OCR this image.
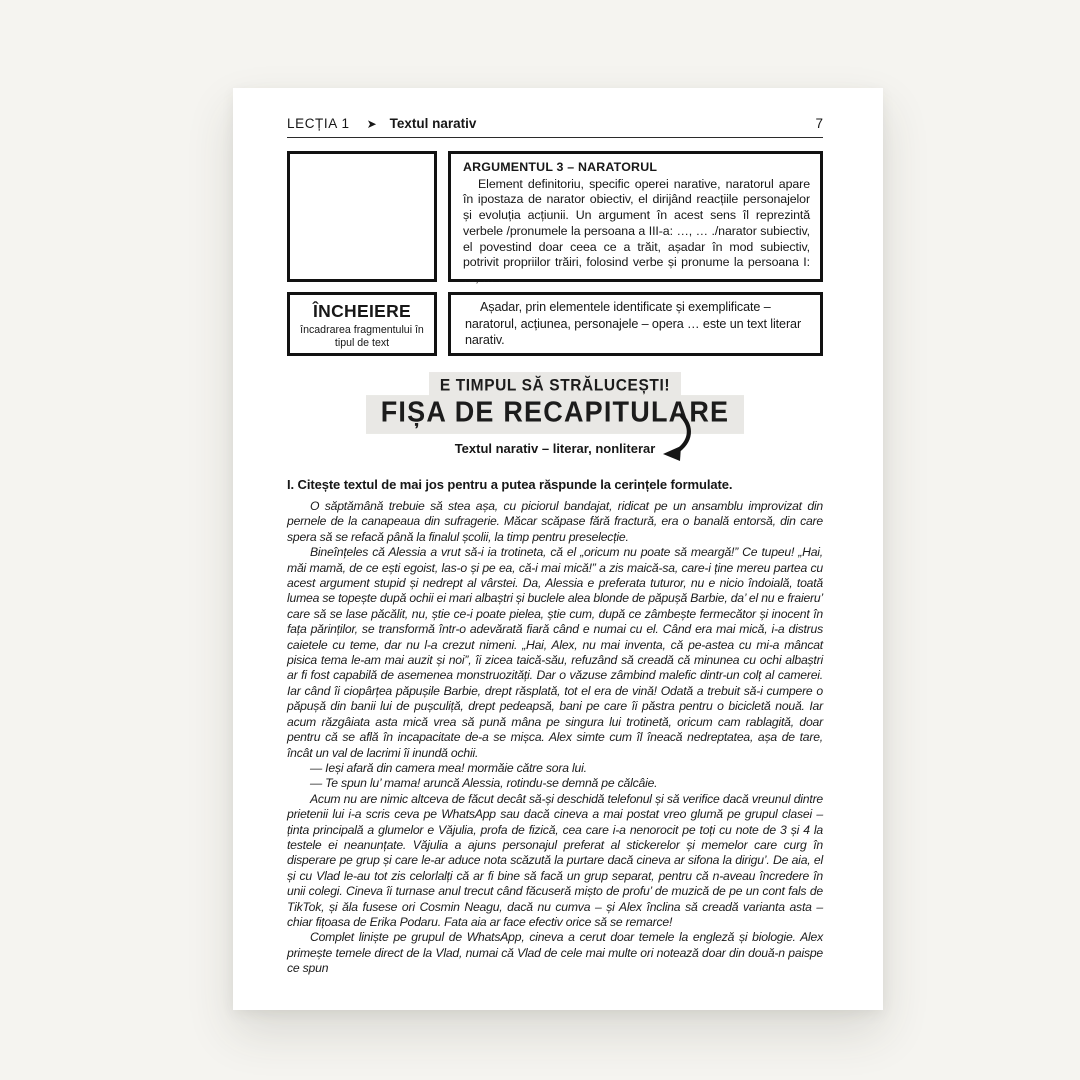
LECȚIA 1 ➤ Textul narativ	7
ARGUMENTUL 3 – NARATORUL
Element definitoriu, specific operei narative, naratorul apare în ipostaza de narator obiectiv, el dirijând reacțiile personajelor și evoluția acțiunii. Un argument în acest sens îl reprezintă verbele /pronumele la persoana a III-a: …, … ./narator subiectiv, el povestind doar ceea ce a trăit, așadar în mod subiectiv, potrivit propriilor trăiri, folosind verbe și pronume la persoana I: …, … .
ÎNCHEIERE
încadrarea fragmentului în tipul de text
Așadar, prin elementele identificate și exemplificate – naratorul, acțiunea, personajele – opera … este un text literar narativ.
E TIMPUL SĂ STRĂLUCEȘTI!
FIȘA DE RECAPITULARE
Textul narativ – literar, nonliterar
I. Citește textul de mai jos pentru a putea răspunde la cerințele formulate.

O săptămână trebuie să stea așa, cu piciorul bandajat, ridicat pe un ansamblu improvizat din pernele de la canapeaua din sufragerie. Măcar scăpase fără fractură, era o banală entorsă, din care spera să se refacă până la finalul școlii, la timp pentru preselecție.

Bineînțeles că Alessia a vrut să-i ia trotineta, că el „oricum nu poate să meargă!” Ce tupeu! „Hai, măi mamă, de ce ești egoist, las-o și pe ea, că-i mai mică!” a zis maică-sa, care-i ține mereu partea cu acest argument stupid și nedrept al vârstei. Da, Alessia e preferata tuturor, nu e nicio îndoială, toată lumea se topește după ochii ei mari albaștri și buclele alea blonde de păpușă Barbie, da’ el nu e fraieru’ care să se lase păcălit, nu, știe ce-i poate pielea, știe cum, după ce zâmbește fermecător și inocent în fața părinților, se transformă într-o adevărată fiară când e numai cu el. Când era mai mică, i-a distrus caietele cu teme, dar nu l-a crezut nimeni. „Hai, Alex, nu mai inventa, că pe-astea cu mi-a mâncat pisica tema le-am mai auzit și noi”, îi zicea taică-său, refuzând să creadă că minunea cu ochi albaștri ar fi fost capabilă de asemenea monstruozități. Dar o văzuse zâmbind malefic dintr-un colț al camerei. Iar când îi ciopârțea păpușile Barbie, drept răsplată, tot el era de vină! Odată a trebuit să-i cumpere o păpușă din banii lui de pușculiță, drept pedeapsă, bani pe care îi păstra pentru o bicicletă nouă. Iar acum răzgâiata asta mică vrea să pună mâna pe singura lui trotinetă, oricum cam rablagită, doar pentru că se află în incapacitate de-a se mișca. Alex simte cum îl îneacă nedreptatea, așa de tare, încât un val de lacrimi îi inundă ochii.

— Ieși afară din camera mea! mormăie către sora lui.

— Te spun lu’ mama! aruncă Alessia, rotindu-se demnă pe călcâie.

Acum nu are nimic altceva de făcut decât să-și deschidă telefonul și să verifice dacă vreunul dintre prietenii lui i-a scris ceva pe WhatsApp sau dacă cineva a mai postat vreo glumă pe grupul clasei – ținta principală a glumelor e Văjulia, profa de fizică, cea care i-a nenorocit pe toți cu note de 3 și 4 la testele ei neanunțate. Văjulia a ajuns personajul preferat al stickerelor și memelor care curg în disperare pe grup și care le-ar aduce nota scăzută la purtare dacă cineva ar sifona la dirigu’. De aia, el și cu Vlad le-au tot zis celorlalți că ar fi bine să facă un grup separat, pentru că n-aveau încredere în unii colegi. Cineva îi turnase anul trecut când făcuseră mișto de profu’ de muzică de pe un cont fals de TikTok, și ăla fusese ori Cosmin Neagu, dacă nu cumva – și Alex înclina să creadă varianta asta – chiar fițoasa de Erika Podaru. Fata aia ar face efectiv orice să se remarce!

Complet liniște pe grupul de WhatsApp, cineva a cerut doar temele la engleză și biologie. Alex primește temele direct de la Vlad, numai că Vlad de cele mai multe ori notează doar din două-n paispe ce spun
